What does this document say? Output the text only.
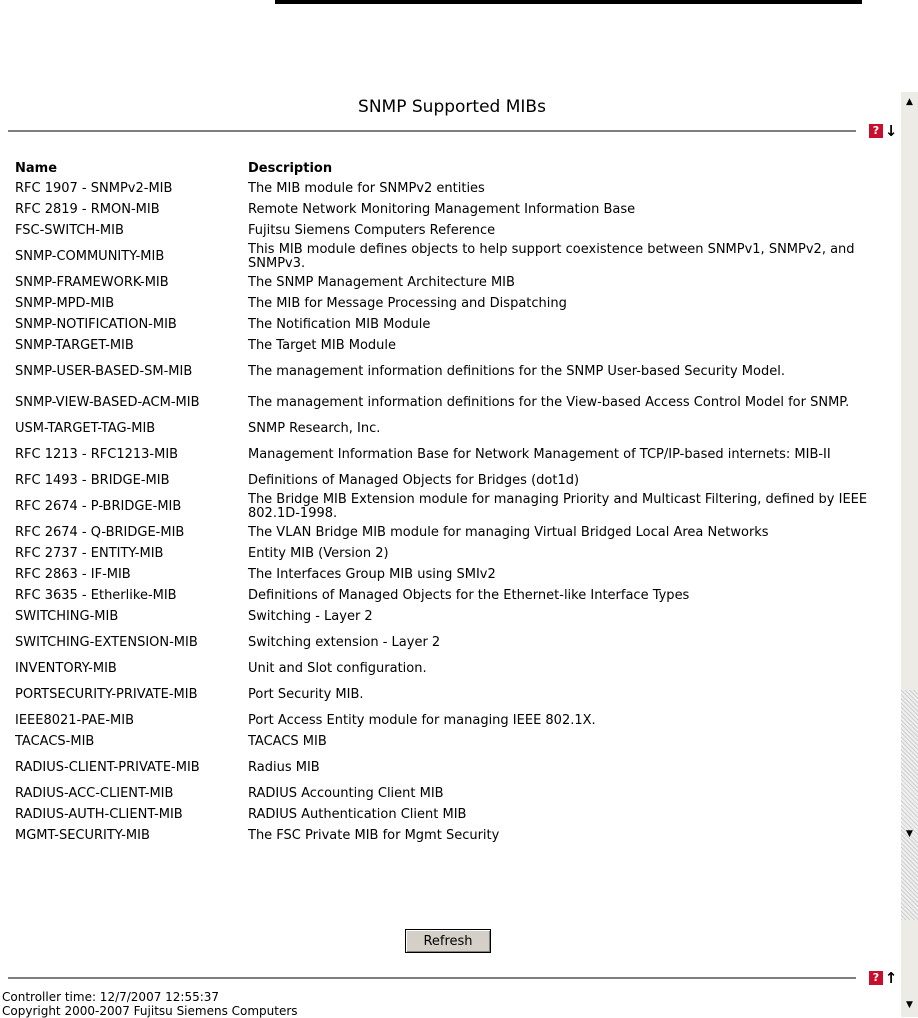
SNMP Supported MIBs
? ↓
Name	Description
RFC 1907 - SNMPv2-MIB	The MIB module for SNMPv2 entities
RFC 2819 - RMON-MIB	Remote Network Monitoring Management Information Base
FSC-SWITCH-MIB	Fujitsu Siemens Computers Reference
SNMP-COMMUNITY-MIB	This MIB module defines objects to help support coexistence between SNMPv1, SNMPv2, and SNMPv3.
SNMP-FRAMEWORK-MIB	The SNMP Management Architecture MIB
SNMP-MPD-MIB	The MIB for Message Processing and Dispatching
SNMP-NOTIFICATION-MIB	The Notification MIB Module
SNMP-TARGET-MIB	The Target MIB Module
SNMP-USER-BASED-SM-MIB	The management information definitions for the SNMP User-based Security Model.
SNMP-VIEW-BASED-ACM-MIB	The management information definitions for the View-based Access Control Model for SNMP.
USM-TARGET-TAG-MIB	SNMP Research, Inc.
RFC 1213 - RFC1213-MIB	Management Information Base for Network Management of TCP/IP-based internets: MIB-II
RFC 1493 - BRIDGE-MIB	Definitions of Managed Objects for Bridges (dot1d)
RFC 2674 - P-BRIDGE-MIB	The Bridge MIB Extension module for managing Priority and Multicast Filtering, defined by IEEE 802.1D-1998.
RFC 2674 - Q-BRIDGE-MIB	The VLAN Bridge MIB module for managing Virtual Bridged Local Area Networks
RFC 2737 - ENTITY-MIB	Entity MIB (Version 2)
RFC 2863 - IF-MIB	The Interfaces Group MIB using SMIv2
RFC 3635 - Etherlike-MIB	Definitions of Managed Objects for the Ethernet-like Interface Types
SWITCHING-MIB	Switching - Layer 2
SWITCHING-EXTENSION-MIB	Switching extension - Layer 2
INVENTORY-MIB	Unit and Slot configuration.
PORTSECURITY-PRIVATE-MIB	Port Security MIB.
IEEE8021-PAE-MIB	Port Access Entity module for managing IEEE 802.1X.
TACACS-MIB	TACACS MIB
RADIUS-CLIENT-PRIVATE-MIB	Radius MIB
RADIUS-ACC-CLIENT-MIB	RADIUS Accounting Client MIB
RADIUS-AUTH-CLIENT-MIB	RADIUS Authentication Client MIB
MGMT-SECURITY-MIB	The FSC Private MIB for Mgmt Security
Refresh
? ↑
Controller time: 12/7/2007 12:55:37
Copyright 2000-2007 Fujitsu Siemens Computers
▲
▼
▼
